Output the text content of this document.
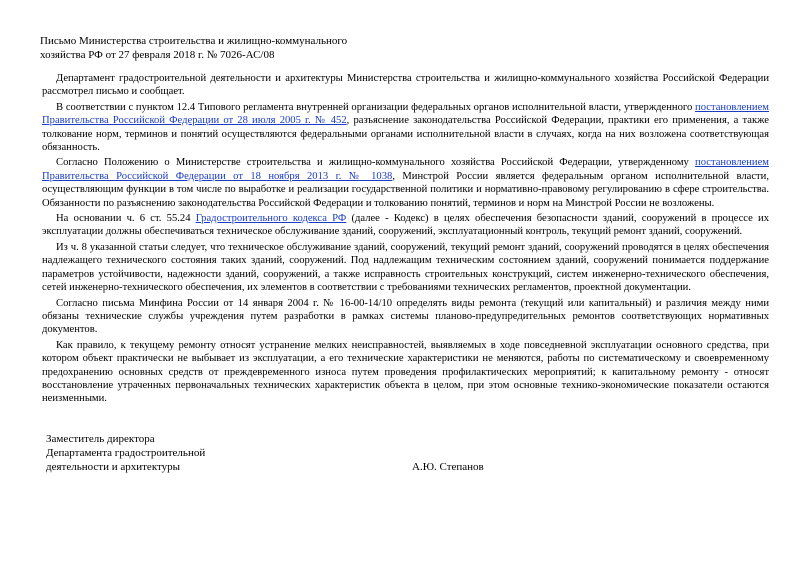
Письмо Министерства строительства и жилищно-коммунального
хозяйства РФ от 27 февраля 2018 г. № 7026-АС/08

Департамент градостроительной деятельности и архитектуры Министерства строительства и жилищно-коммунального хозяйства Российской Федерации рассмотрел письмо и сообщает.

В соответствии с пунктом 12.4 Типового регламента внутренней организации федеральных органов исполнительной власти, утвержденного постановлением Правительства Российской Федерации от 28 июля 2005 г. № 452, разъяснение законодательства Российской Федерации, практики его применения, а также толкование норм, терминов и понятий осуществляются федеральными органами исполнительной власти в случаях, когда на них возложена соответствующая обязанность.

Согласно Положению о Министерстве строительства и жилищно-коммунального хозяйства Российской Федерации, утвержденному постановлением Правительства Российской Федерации от 18 ноября 2013 г. № 1038, Минстрой России является федеральным органом исполнительной власти, осуществляющим функции в том числе по выработке и реализации государственной политики и нормативно-правовому регулированию в сфере строительства. Обязанности по разъяснению законодательства Российской Федерации и толкованию понятий, терминов и норм на Минстрой России не возложены.

На основании ч. 6 ст. 55.24 Градостроительного кодекса РФ (далее - Кодекс) в целях обеспечения безопасности зданий, сооружений в процессе их эксплуатации должны обеспечиваться техническое обслуживание зданий, сооружений, эксплуатационный контроль, текущий ремонт зданий, сооружений.

Из ч. 8 указанной статьи следует, что техническое обслуживание зданий, сооружений, текущий ремонт зданий, сооружений проводятся в целях обеспечения надлежащего технического состояния таких зданий, сооружений. Под надлежащим техническим состоянием зданий, сооружений понимается поддержание параметров устойчивости, надежности зданий, сооружений, а также исправность строительных конструкций, систем инженерно-технического обеспечения, сетей инженерно-технического обеспечения, их элементов в соответствии с требованиями технических регламентов, проектной документации.

Согласно письма Минфина России от 14 января 2004 г. № 16-00-14/10 определять виды ремонта (текущий или капитальный) и различия между ними обязаны технические службы учреждения путем разработки в рамках системы планово-предупредительных ремонтов соответствующих нормативных документов.

Как правило, к текущему ремонту относят устранение мелких неисправностей, выявляемых в ходе повседневной эксплуатации основного средства, при котором объект практически не выбывает из эксплуатации, а его технические характеристики не меняются, работы по систематическому и своевременному предохранению основных средств от преждевременного износа путем проведения профилактических мероприятий; к капитальному ремонту - относят восстановление утраченных первоначальных технических характеристик объекта в целом, при этом основные технико-экономические показатели остаются неизменными.

Заместитель директора
Департамента градостроительной
деятельности и архитектуры	А.Ю. Степанов
